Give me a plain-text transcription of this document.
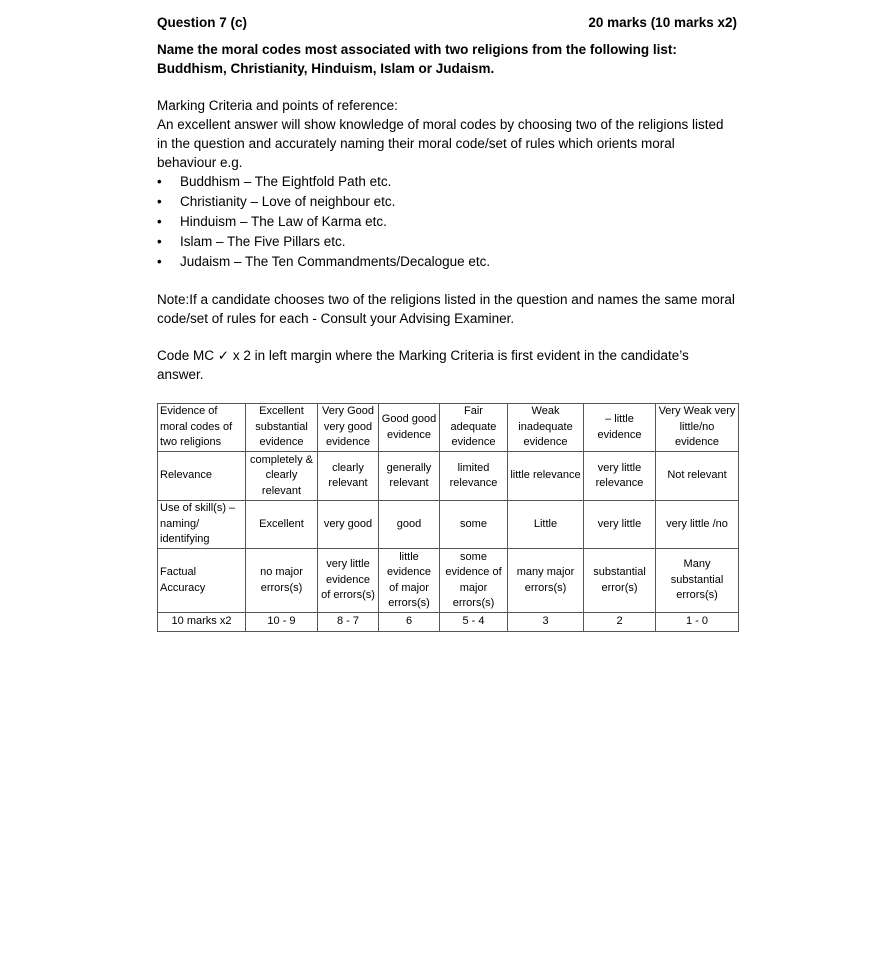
Question 7 (c)	20 marks (10 marks x2)
Name the moral codes most associated with two religions from the following list: Buddhism, Christianity, Hinduism, Islam or Judaism.
Marking Criteria and points of reference:
An excellent answer will show knowledge of moral codes by choosing two of the religions listed in the question and accurately naming their moral code/set of rules which orients moral behaviour e.g.
• Buddhism – The Eightfold Path etc.
• Christianity – Love of neighbour etc.
• Hinduism – The Law of Karma etc.
• Islam – The Five Pillars etc.
• Judaism – The Ten Commandments/Decalogue etc.
Note:If a candidate chooses two of the religions listed in the question and names the same moral code/set of rules for each - Consult your Advising Examiner.
Code MC ✓ x 2 in left margin where the Marking Criteria is first evident in the candidate’s answer.
Evidence of moral codes of two religions	Excellent substantial evidence	Very Good very good evidence	Good good evidence	Fair adequate evidence	Weak inadequate evidence	– little evidence	Very Weak very little/no evidence
Relevance	completely & clearly relevant	clearly relevant	generally relevant	limited relevance	little relevance	very little relevance	Not relevant
Use of skill(s) – naming/ identifying	Excellent	very good	good	some	Little	very little	very little /no
Factual Accuracy	no major errors(s)	very little evidence of errors(s)	little evidence of major errors(s)	some evidence of major errors(s)	many major errors(s)	substantial error(s)	Many substantial errors(s)
10 marks x2	10 - 9	8 - 7	6	5 - 4	3	2	1 - 0
